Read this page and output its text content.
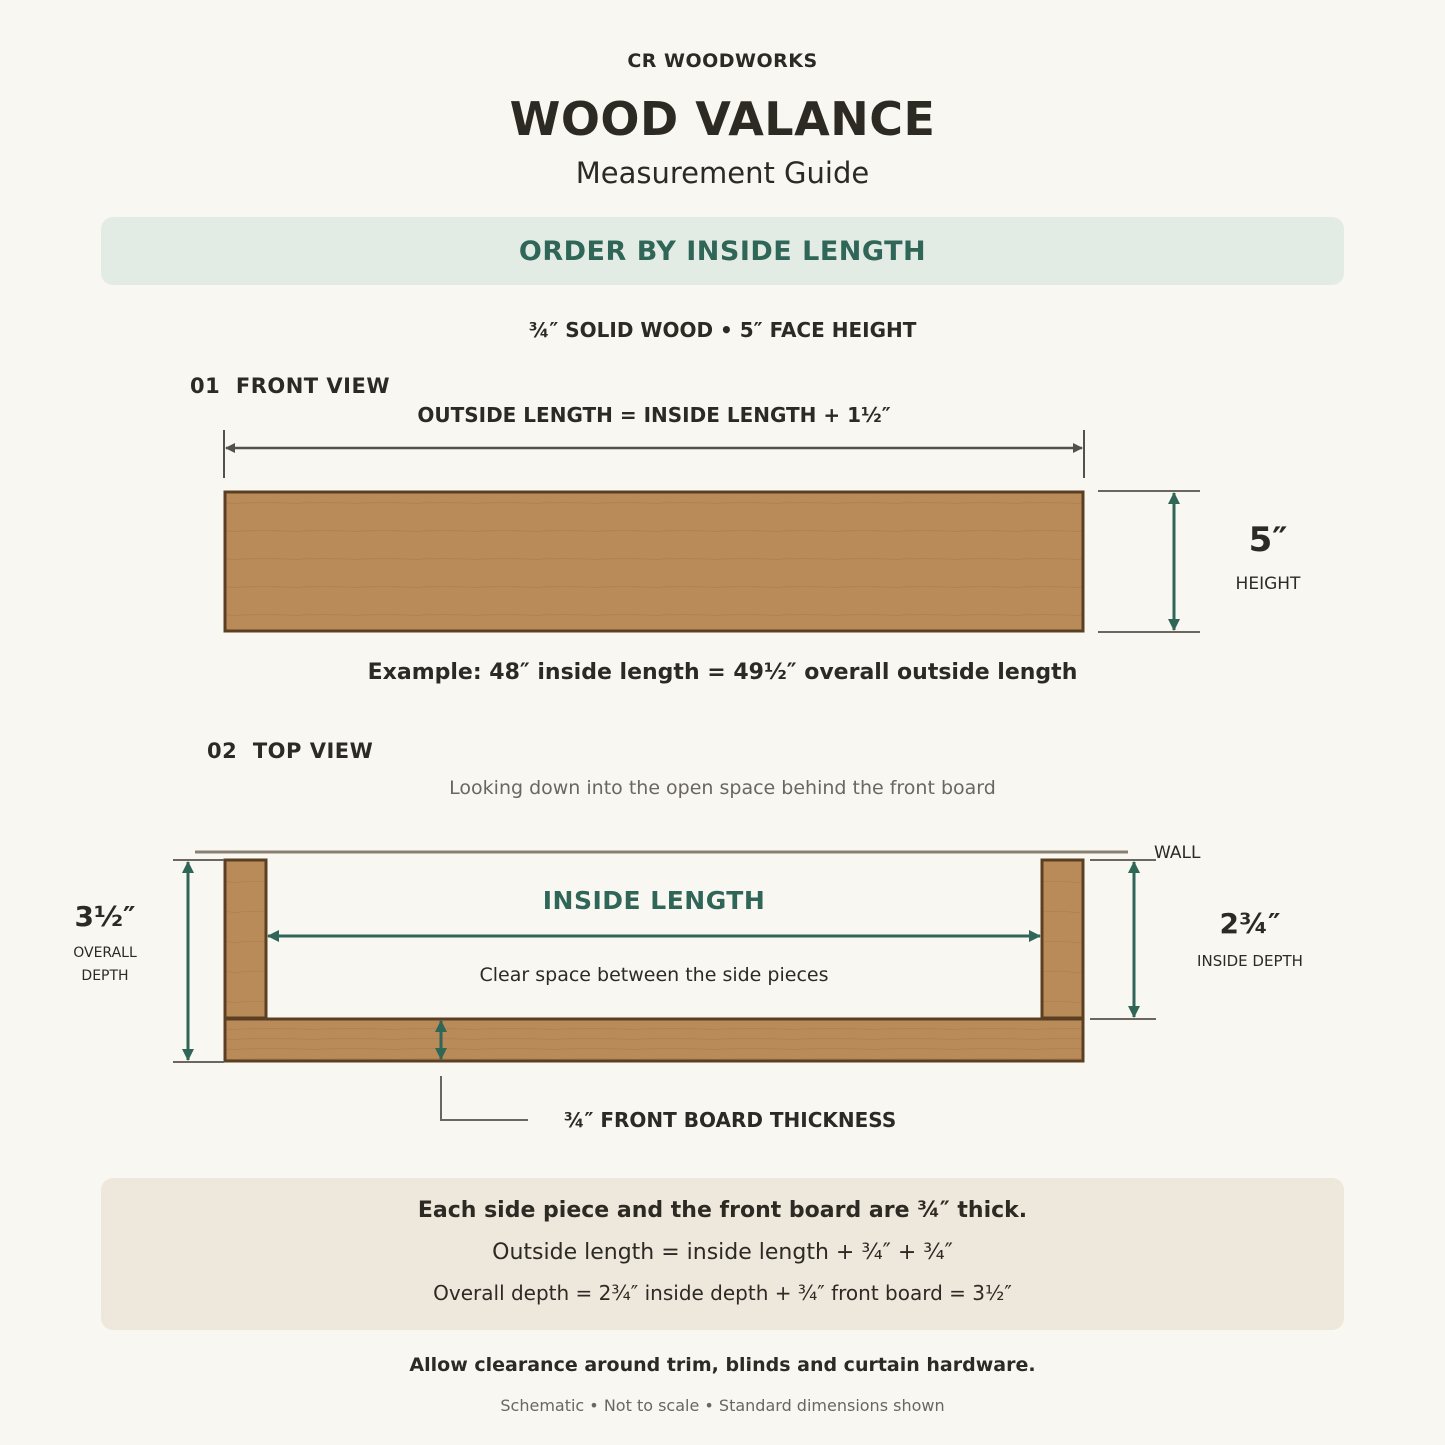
CR WOODWORKS
WOOD VALANCE
Measurement Guide
ORDER BY INSIDE LENGTH
¾″ SOLID WOOD • 5″ FACE HEIGHT
01  FRONT VIEW
OUTSIDE LENGTH = INSIDE LENGTH + 1½″
5″
HEIGHT
Example: 48″ inside length = 49½″ overall outside length
02  TOP VIEW
Looking down into the open space behind the front board
WALL
INSIDE LENGTH
Clear space between the side pieces
3½″
OVERALL
DEPTH
2¾″
INSIDE DEPTH
¾″ FRONT BOARD THICKNESS
Each side piece and the front board are ¾″ thick.
Outside length = inside length + ¾″ + ¾″
Overall depth = 2¾″ inside depth + ¾″ front board = 3½″
Allow clearance around trim, blinds and curtain hardware.
Schematic • Not to scale • Standard dimensions shown
